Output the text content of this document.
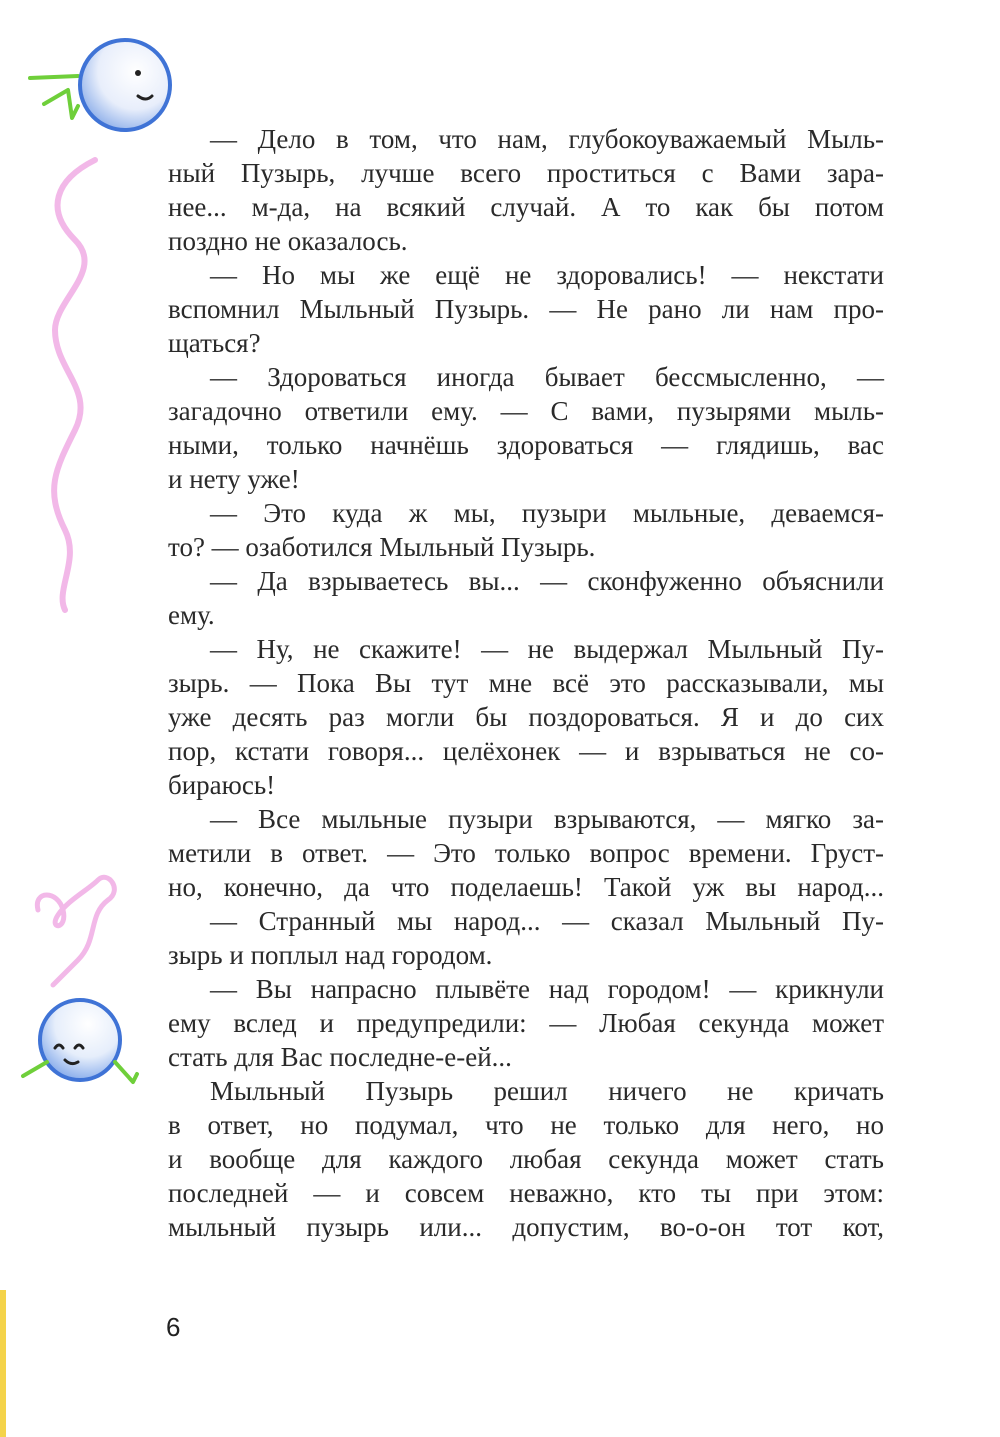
— Дело в том, что нам, глубокоуважаемый Мыль-
ный Пузырь, лучше всего проститься с Вами зара-
нее... м-да, на всякий случай. А то как бы потом
поздно не оказалось.
— Но мы же ещё не здоровались! — некстати
вспомнил Мыльный Пузырь. — Не рано ли нам про-
щаться?
— Здороваться иногда бывает бессмысленно, —
загадочно ответили ему. — С вами, пузырями мыль-
ными, только начнёшь здороваться — глядишь, вас
и нету уже!
— Это куда ж мы, пузыри мыльные, деваемся-
то? — озаботился Мыльный Пузырь.
— Да взрываетесь вы... — сконфуженно объяснили
ему.
— Ну, не скажите! — не выдержал Мыльный Пу-
зырь. — Пока Вы тут мне всё это рассказывали, мы
уже десять раз могли бы поздороваться. Я и до сих
пор, кстати говоря... целёхонек — и взрываться не со-
бираюсь!
— Все мыльные пузыри взрываются, — мягко за-
метили в ответ. — Это только вопрос времени. Груст-
но, конечно, да что поделаешь! Такой уж вы народ...
— Странный мы народ... — сказал Мыльный Пу-
зырь и поплыл над городом.
— Вы напрасно плывёте над городом! — крикнули
ему вслед и предупредили: — Любая секунда может
стать для Вас последне-е-ей...
Мыльный Пузырь решил ничего не кричать
в ответ, но подумал, что не только для него, но
и вообще для каждого любая секунда может стать
последней — и совсем неважно, кто ты при этом:
мыльный пузырь или... допустим, во-о-он тот кот,
6
